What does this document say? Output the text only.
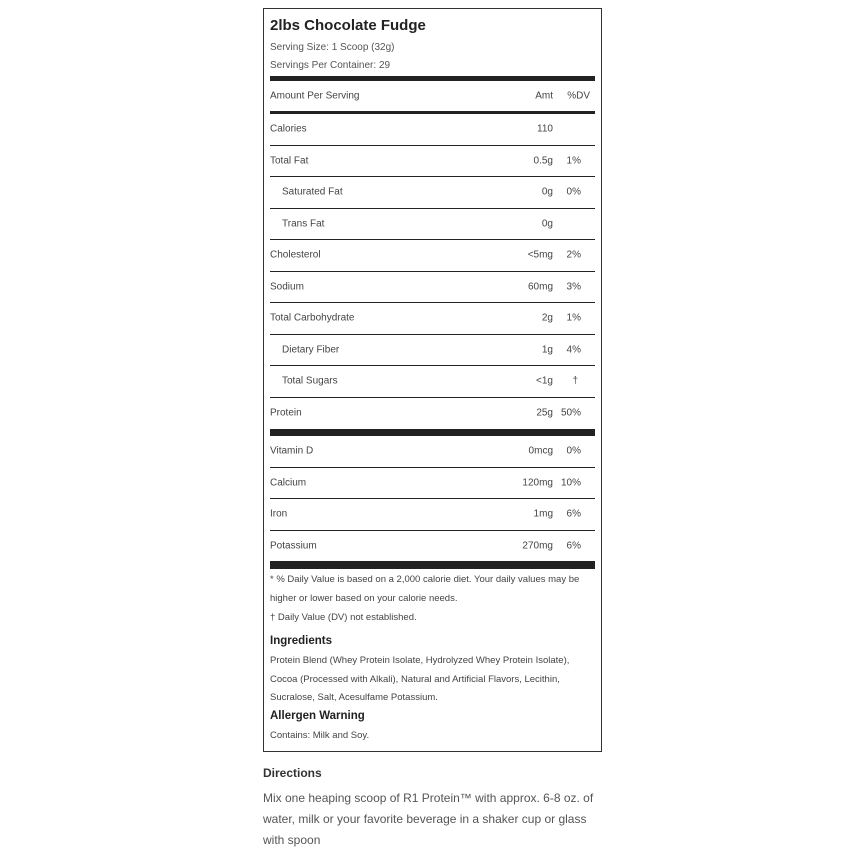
2lbs Chocolate Fudge
Serving Size: 1 Scoop (32g)
Servings Per Container: 29
Amount Per Serving	Amt %DV
Calories	110
Total Fat	0.5g 1%
Saturated Fat	0g 0%
Trans Fat	0g
Cholesterol	<5mg 2%
Sodium	60mg 3%
Total Carbohydrate	2g 1%
Dietary Fiber	1g 4%
Total Sugars	<1g †
Protein	25g 50%
Vitamin D	0mcg 0%
Calcium	120mg 10%
Iron	1mg 6%
Potassium	270mg 6%
* % Daily Value is based on a 2,000 calorie diet. Your daily values may be higher or lower based on your calorie needs.
† Daily Value (DV) not established.
Ingredients
Protein Blend (Whey Protein Isolate, Hydrolyzed Whey Protein Isolate), Cocoa (Processed with Alkali), Natural and Artificial Flavors, Lecithin, Sucralose, Salt, Acesulfame Potassium.
Allergen Warning
Contains: Milk and Soy.
Directions
Mix one heaping scoop of R1 Protein™ with approx. 6-8 oz. of water, milk or your favorite beverage in a shaker cup or glass with spoon
